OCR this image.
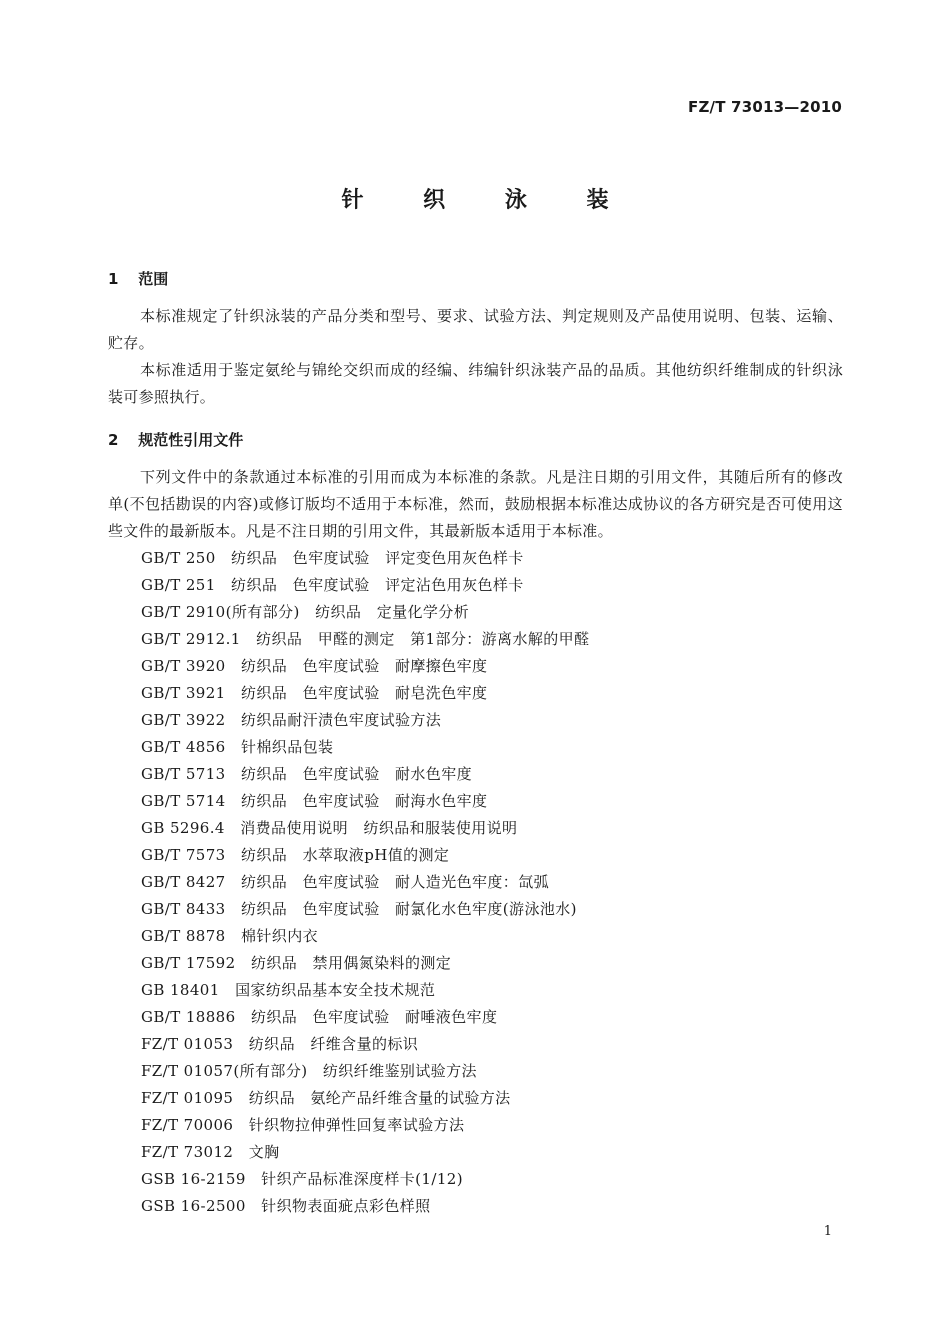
FZ/T 73013—2010
针 织 泳 装
1 范围
本标准规定了针织泳装的产品分类和型号、要求、试验方法、判定规则及产品使用说明、包装、运输、贮存。
本标准适用于鉴定氨纶与锦纶交织而成的经编、纬编针织泳装产品的品质。其他纺织纤维制成的针织泳装可参照执行。
2 规范性引用文件
下列文件中的条款通过本标准的引用而成为本标准的条款。凡是注日期的引用文件，其随后所有的修改单(不包括勘误的内容)或修订版均不适用于本标准，然而，鼓励根据本标准达成协议的各方研究是否可使用这些文件的最新版本。凡是不注日期的引用文件，其最新版本适用于本标准。
GB/T 250　纺织品　色牢度试验　评定变色用灰色样卡
GB/T 251　纺织品　色牢度试验　评定沾色用灰色样卡
GB/T 2910(所有部分)　纺织品　定量化学分析
GB/T 2912.1　纺织品　甲醛的测定　第1部分：游离水解的甲醛
GB/T 3920　纺织品　色牢度试验　耐摩擦色牢度
GB/T 3921　纺织品　色牢度试验　耐皂洗色牢度
GB/T 3922　纺织品耐汗渍色牢度试验方法
GB/T 4856　针棉织品包装
GB/T 5713　纺织品　色牢度试验　耐水色牢度
GB/T 5714　纺织品　色牢度试验　耐海水色牢度
GB 5296.4　消费品使用说明　纺织品和服装使用说明
GB/T 7573　纺织品　水萃取液pH值的测定
GB/T 8427　纺织品　色牢度试验　耐人造光色牢度：氙弧
GB/T 8433　纺织品　色牢度试验　耐氯化水色牢度(游泳池水)
GB/T 8878　棉针织内衣
GB/T 17592　纺织品　禁用偶氮染料的测定
GB 18401　国家纺织品基本安全技术规范
GB/T 18886　纺织品　色牢度试验　耐唾液色牢度
FZ/T 01053　纺织品　纤维含量的标识
FZ/T 01057(所有部分)　纺织纤维鉴别试验方法
FZ/T 01095　纺织品　氨纶产品纤维含量的试验方法
FZ/T 70006　针织物拉伸弹性回复率试验方法
FZ/T 73012　文胸
GSB 16-2159　针织产品标准深度样卡(1/12)
GSB 16-2500　针织物表面疵点彩色样照
1
